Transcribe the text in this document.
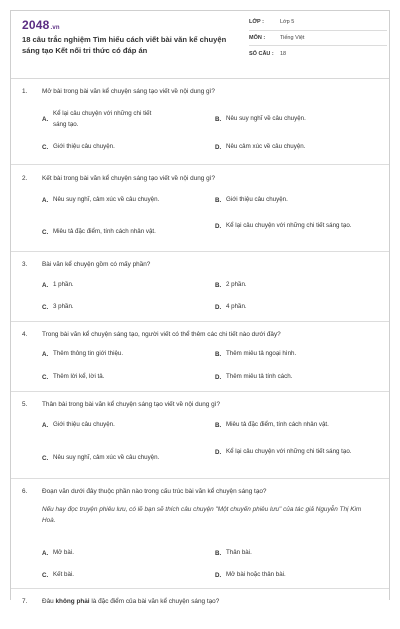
2048.vn
18 câu trắc nghiệm Tìm hiểu cách viết bài văn kể chuyện sáng tạo Kết nối tri thức có đáp án
LỚP :	Lớp 5
MÔN :	Tiếng Việt
SỐ CÂU :	18
1. Mở bài trong bài văn kể chuyện sáng tạo viết về nội dung gì?
A.
Kể lại câu chuyện với những chi tiết sáng tạo.
B. Nêu suy nghĩ về câu chuyện.
C. Giới thiệu câu chuyện.	D. Nêu cảm xúc về câu chuyện.
2. Kết bài trong bài văn kể chuyện sáng tạo viết về nội dung gì?
A. Nêu suy nghĩ, cảm xúc về câu chuyện.	B. Giới thiệu câu chuyện.
C. Miêu tả đặc điểm, tính cách nhân vật.
D. Kể lại câu chuyện với những chi tiết sáng tạo.
3. Bài văn kể chuyện gồm có mấy phần?
A. 1 phần.	B. 2 phần.
C. 3 phần.	D. 4 phần.
4. Trong bài văn kể chuyện sáng tạo, người viết có thể thêm các chi tiết nào dưới đây?
A. Thêm thông tin giới thiệu.	B. Thêm miêu tả ngoại hình.
C. Thêm lời kể, lời tả.	D. Thêm miêu tả tính cách.
5. Thân bài trong bài văn kể chuyện sáng tạo viết về nội dung gì?
A. Giới thiệu câu chuyện.	B. Miêu tả đặc điểm, tính cách nhân vật.
C. Nêu suy nghĩ, cảm xúc về câu chuyện.
D. Kể lại câu chuyện với những chi tiết sáng tạo.
6. Đoạn văn dưới đây thuộc phần nào trong cấu trúc bài văn kể chuyện sáng tạo?
Nếu hay đọc truyện phiêu lưu, có lẽ bạn sẽ thích câu chuyện "Một chuyến phiêu lưu" của tác giả Nguyễn Thị Kim Hoà.
A. Mở bài.	B. Thân bài.
C. Kết bài.	D. Mở bài hoặc thân bài.
7. Đâu không phải là đặc điểm của bài văn kể chuyện sáng tạo?
